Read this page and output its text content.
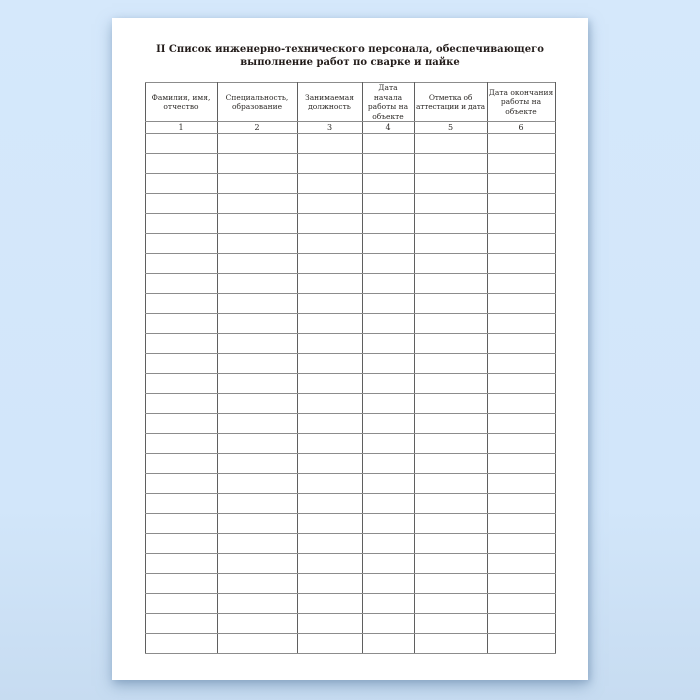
II Список инженерно-технического персонала, обеспечивающего выполнение работ по сварке и пайке
Фамилия, имя, отчество	Специальность, образование	Занимаемая должность	Дата начала работы на объекте	Отметка об аттестации и дата	Дата окончания работы на объекте
1	2	3	4	5	6
